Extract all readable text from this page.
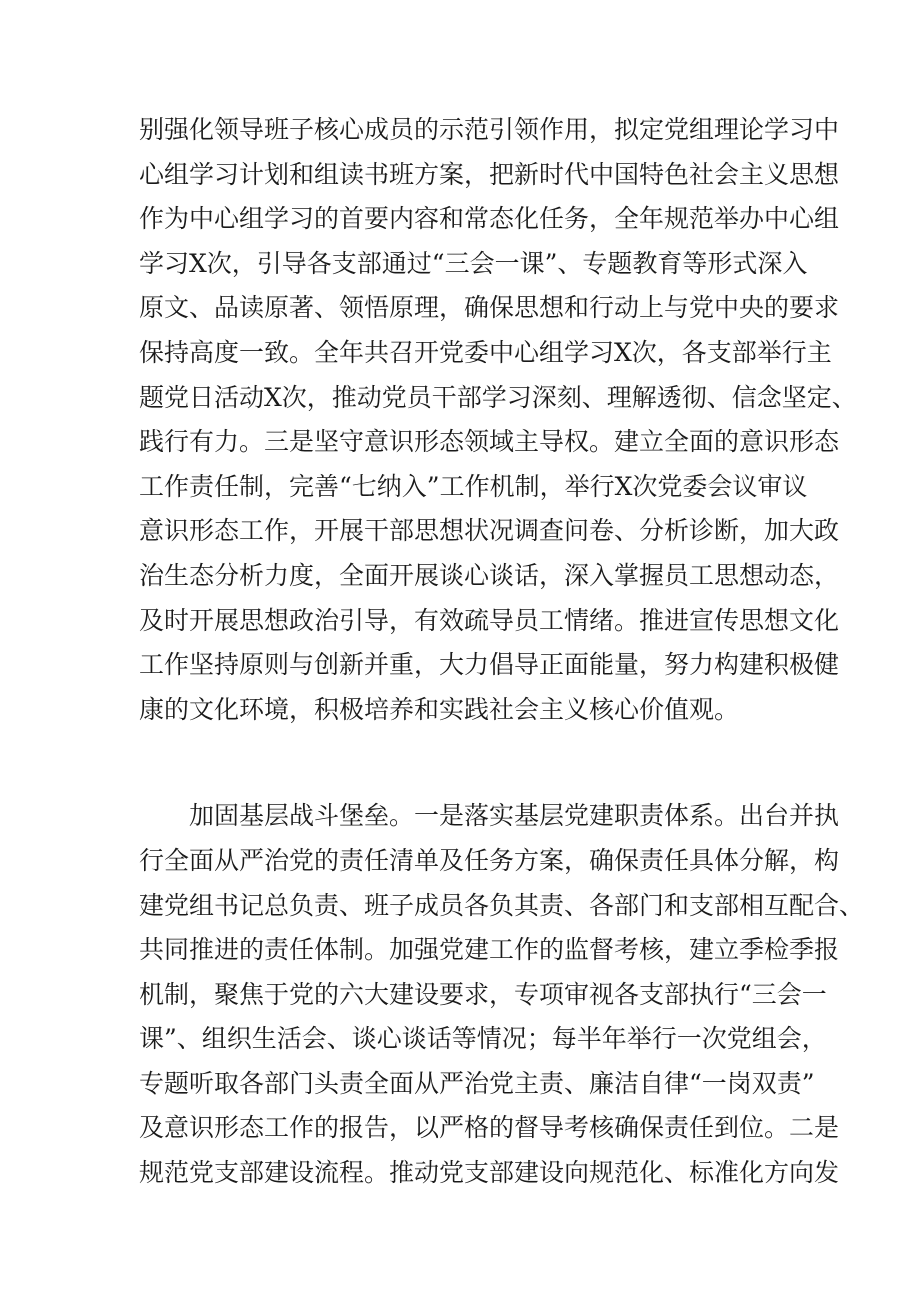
别强化领导班子核心成员的示范引领作用，拟定党组理论学习中
心组学习计划和组读书班方案，把新时代中国特色社会主义思想
作为中心组学习的首要内容和常态化任务，全年规范举办中心组
学习X次，引导各支部通过“三会一课”、专题教育等形式深入
原文、品读原著、领悟原理，确保思想和行动上与党中央的要求
保持高度一致。全年共召开党委中心组学习X次，各支部举行主
题党日活动X次，推动党员干部学习深刻、理解透彻、信念坚定、
践行有力。三是坚守意识形态领域主导权。建立全面的意识形态
工作责任制，完善“七纳入”工作机制，举行X次党委会议审议
意识形态工作，开展干部思想状况调查问卷、分析诊断，加大政
治生态分析力度，全面开展谈心谈话，深入掌握员工思想动态，
及时开展思想政治引导，有效疏导员工情绪。推进宣传思想文化
工作坚持原则与创新并重，大力倡导正面能量，努力构建积极健
康的文化环境，积极培养和实践社会主义核心价值观。
加固基层战斗堡垒。一是落实基层党建职责体系。出台并执
行全面从严治党的责任清单及任务方案，确保责任具体分解，构
建党组书记总负责、班子成员各负其责、各部门和支部相互配合、
共同推进的责任体制。加强党建工作的监督考核，建立季检季报
机制，聚焦于党的六大建设要求，专项审视各支部执行“三会一
课”、组织生活会、谈心谈话等情况；每半年举行一次党组会，
专题听取各部门头责全面从严治党主责、廉洁自律“一岗双责”
及意识形态工作的报告，以严格的督导考核确保责任到位。二是
规范党支部建设流程。推动党支部建设向规范化、标准化方向发
